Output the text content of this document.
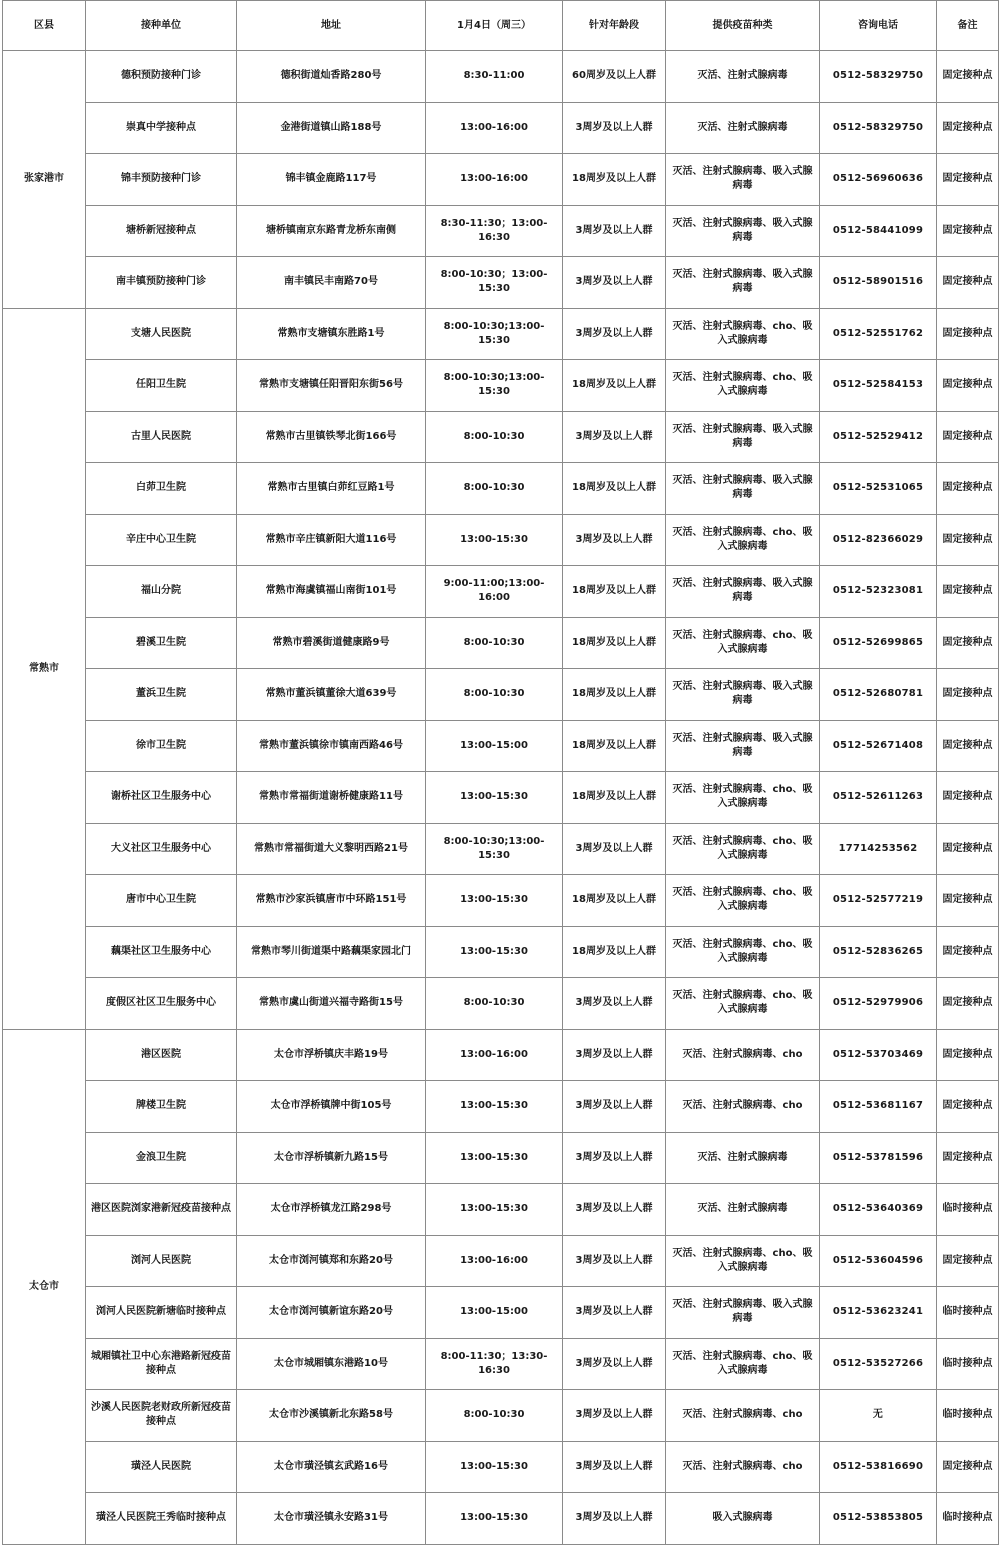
区县	接种单位	地址	1月4日（周三）	针对年龄段	提供疫苗种类	咨询电话	备注
张家港市	德积预防接种门诊	德积街道灿香路280号	8:30-11:00	60周岁及以上人群	灭活、注射式腺病毒	0512-58329750	固定接种点
	崇真中学接种点	金港街道镇山路188号	13:00-16:00	3周岁及以上人群	灭活、注射式腺病毒	0512-58329750	固定接种点
	锦丰预防接种门诊	锦丰镇金鹿路117号	13:00-16:00	18周岁及以上人群	灭活、注射式腺病毒、吸入式腺病毒	0512-56960636	固定接种点
	塘桥新冠接种点	塘桥镇南京东路青龙桥东南侧	8:30-11:30；13:00-16:30	3周岁及以上人群	灭活、注射式腺病毒、吸入式腺病毒	0512-58441099	固定接种点
	南丰镇预防接种门诊	南丰镇民丰南路70号	8:00-10:30；13:00-15:30	3周岁及以上人群	灭活、注射式腺病毒、吸入式腺病毒	0512-58901516	固定接种点
常熟市	支塘人民医院	常熟市支塘镇东胜路1号	8:00-10:30;13:00-15:30	3周岁及以上人群	灭活、注射式腺病毒、cho、吸入式腺病毒	0512-52551762	固定接种点
	任阳卫生院	常熟市支塘镇任阳晋阳东街56号	8:00-10:30;13:00-15:30	18周岁及以上人群	灭活、注射式腺病毒、cho、吸入式腺病毒	0512-52584153	固定接种点
	古里人民医院	常熟市古里镇铁琴北街166号	8:00-10:30	3周岁及以上人群	灭活、注射式腺病毒、吸入式腺病毒	0512-52529412	固定接种点
	白茆卫生院	常熟市古里镇白茆红豆路1号	8:00-10:30	18周岁及以上人群	灭活、注射式腺病毒、吸入式腺病毒	0512-52531065	固定接种点
	辛庄中心卫生院	常熟市辛庄镇新阳大道116号	13:00-15:30	3周岁及以上人群	灭活、注射式腺病毒、cho、吸入式腺病毒	0512-82366029	固定接种点
	福山分院	常熟市海虞镇福山南街101号	9:00-11:00;13:00-16:00	18周岁及以上人群	灭活、注射式腺病毒、吸入式腺病毒	0512-52323081	固定接种点
	碧溪卫生院	常熟市碧溪街道健康路9号	8:00-10:30	18周岁及以上人群	灭活、注射式腺病毒、cho、吸入式腺病毒	0512-52699865	固定接种点
	董浜卫生院	常熟市董浜镇董徐大道639号	8:00-10:30	18周岁及以上人群	灭活、注射式腺病毒、吸入式腺病毒	0512-52680781	固定接种点
	徐市卫生院	常熟市董浜镇徐市镇南西路46号	13:00-15:00	18周岁及以上人群	灭活、注射式腺病毒、吸入式腺病毒	0512-52671408	固定接种点
	谢桥社区卫生服务中心	常熟市常福街道谢桥健康路11号	13:00-15:30	18周岁及以上人群	灭活、注射式腺病毒、cho、吸入式腺病毒	0512-52611263	固定接种点
	大义社区卫生服务中心	常熟市常福街道大义黎明西路21号	8:00-10:30;13:00-15:30	3周岁及以上人群	灭活、注射式腺病毒、cho、吸入式腺病毒	17714253562	固定接种点
	唐市中心卫生院	常熟市沙家浜镇唐市中环路151号	13:00-15:30	18周岁及以上人群	灭活、注射式腺病毒、cho、吸入式腺病毒	0512-52577219	固定接种点
	藕渠社区卫生服务中心	常熟市琴川街道渠中路藕渠家园北门	13:00-15:30	18周岁及以上人群	灭活、注射式腺病毒、cho、吸入式腺病毒	0512-52836265	固定接种点
	度假区社区卫生服务中心	常熟市虞山街道兴福寺路街15号	8:00-10:30	3周岁及以上人群	灭活、注射式腺病毒、cho、吸入式腺病毒	0512-52979906	固定接种点
太仓市	港区医院	太仓市浮桥镇庆丰路19号	13:00-16:00	3周岁及以上人群	灭活、注射式腺病毒、cho	0512-53703469	固定接种点
	牌楼卫生院	太仓市浮桥镇牌中街105号	13:00-15:30	3周岁及以上人群	灭活、注射式腺病毒、cho	0512-53681167	固定接种点
	金浪卫生院	太仓市浮桥镇新九路15号	13:00-15:30	3周岁及以上人群	灭活、注射式腺病毒	0512-53781596	固定接种点
	港区医院浏家港新冠疫苗接种点	太仓市浮桥镇龙江路298号	13:00-15:30	3周岁及以上人群	灭活、注射式腺病毒	0512-53640369	临时接种点
	浏河人民医院	太仓市浏河镇郑和东路20号	13:00-16:00	3周岁及以上人群	灭活、注射式腺病毒、cho、吸入式腺病毒	0512-53604596	固定接种点
	浏河人民医院新塘临时接种点	太仓市浏河镇新谊东路20号	13:00-15:00	3周岁及以上人群	灭活、注射式腺病毒、吸入式腺病毒	0512-53623241	临时接种点
	城厢镇社卫中心东港路新冠疫苗接种点	太仓市城厢镇东港路10号	8:00-11:30；13:30-16:30	3周岁及以上人群	灭活、注射式腺病毒、cho、吸入式腺病毒	0512-53527266	临时接种点
	沙溪人民医院老财政所新冠疫苗接种点	太仓市沙溪镇新北东路58号	8:00-10:30	3周岁及以上人群	灭活、注射式腺病毒、cho	无	临时接种点
	璜泾人民医院	太仓市璜泾镇玄武路16号	13:00-15:30	3周岁及以上人群	灭活、注射式腺病毒、cho	0512-53816690	固定接种点
	璜泾人民医院王秀临时接种点	太仓市璜泾镇永安路31号	13:00-15:30	3周岁及以上人群	吸入式腺病毒	0512-53853805	临时接种点
